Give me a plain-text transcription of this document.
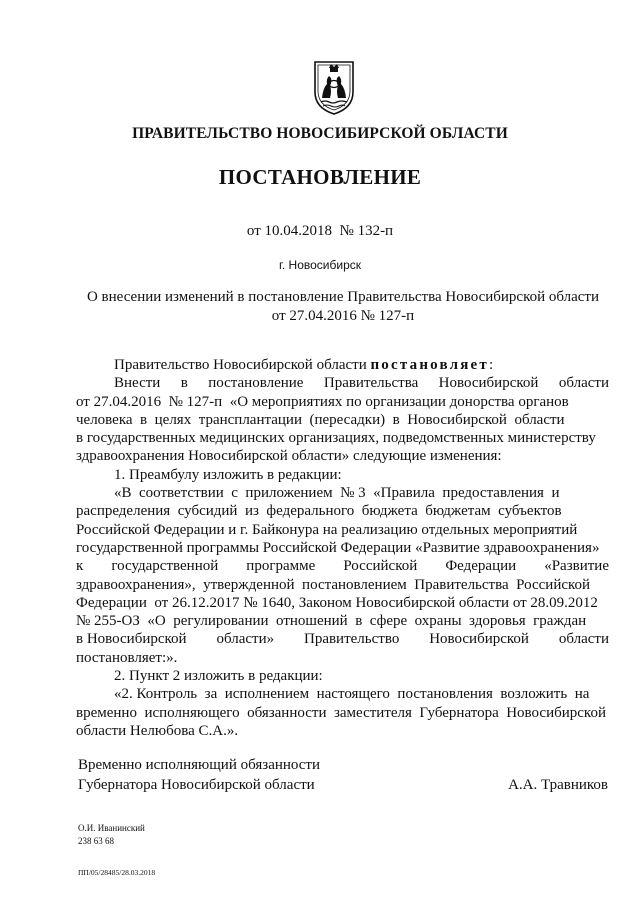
ПРАВИТЕЛЬСТВО НОВОСИБИРСКОЙ ОБЛАСТИ
ПОСТАНОВЛЕНИЕ
от 10.04.2018 № 132-п
г. Новосибирск
О внесении изменений в постановление Правительства Новосибирской области
от 27.04.2016 № 127-п
Правительство Новосибирской области постановляет :
Внести в постановление Правительства Новосибирской области
от 27.04.2016  № 127-п  «О мероприятиях по организации донорства органов
человека  в  целях  трансплантации  (пересадки)  в  Новосибирской  области
в государственных медицинских организациях, подведомственных министерству
здравоохранения Новосибирской области» следующие изменения:
1. Преамбулу изложить в редакции:
«В  соответствии  с  приложением  № 3  «Правила  предоставления  и
распределения  субсидий  из  федерального  бюджета  бюджетам  субъектов
Российской Федерации и г. Байконура на реализацию отдельных мероприятий
государственной программы Российской Федерации «Развитие здравоохранения»
к государственной программе Российской Федерации «Развитие
здравоохранения»,  утвержденной  постановлением  Правительства  Российской
Федерации  от 26.12.2017 № 1640, Законом Новосибирской области от 28.09.2012
№ 255-ОЗ  «О  регулировании  отношений  в  сфере  охраны  здоровья  граждан
в Новосибирской области» Правительство Новосибирской области
постановляет:».
2. Пункт 2 изложить в редакции:
«2. Контроль  за  исполнением  настоящего  постановления  возложить  на
временно  исполняющего  обязанности  заместителя  Губернатора  Новосибирской
области Нелюбова С.А.».
Временно исполняющий обязанности
Губернатора Новосибирской области	А.А. Травников
О.И. Иванинский
238 63 68
ПП/05/28485/28.03.2018
